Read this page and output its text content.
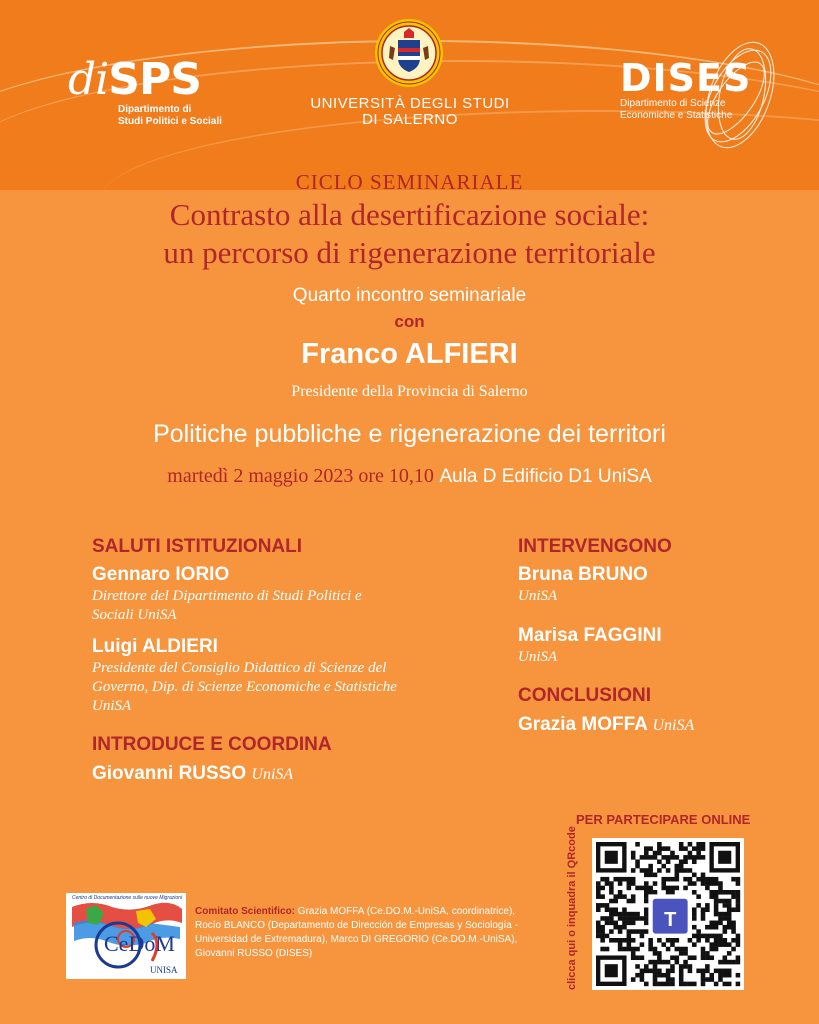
diSPS
Dipartimento di
Studi Politici e Sociali
UNIVERSITÀ DEGLI STUDI
DI SALERNO
DISES
Dipartimento di Scienze
Economiche e Statistiche
CICLO SEMINARIALE
Contrasto alla desertificazione sociale:
un percorso di rigenerazione territoriale
Quarto incontro seminariale
con
Franco ALFIERI
Presidente della Provincia di Salerno
Politiche pubbliche e rigenerazione dei territori
martedì 2 maggio 2023 ore 10,10 Aula D Edificio D1 UniSA
SALUTI ISTITUZIONALI
Gennaro IORIO
Direttore del Dipartimento di Studi Politici e
Sociali UniSA
Luigi ALDIERI
Presidente del Consiglio Didattico di Scienze del
Governo, Dip. di Scienze Economiche e Statistiche
UniSA
INTRODUCE E COORDINA
Giovanni RUSSO UniSA
INTERVENGONO
Bruna BRUNO
UniSA
Marisa FAGGINI
UniSA
CONCLUSIONI
Grazia MOFFA UniSA
PER PARTECIPARE ONLINE
clicca qui o inquadra il QRcode	T
Centro di Documentazione sulle nuove Migrazioni
CeDoM
UNISA
Comitato Scientifico: Grazia MOFFA (Ce.DO.M.-UniSA, coordinatrice), Rocío BLANCO (Departamento de Dirección de Empresas y Sociología - Universidad de Extremadura), Marco DI GREGORIO (Ce.DO.M.-UniSA), Giovanni RUSSO (DISES)
